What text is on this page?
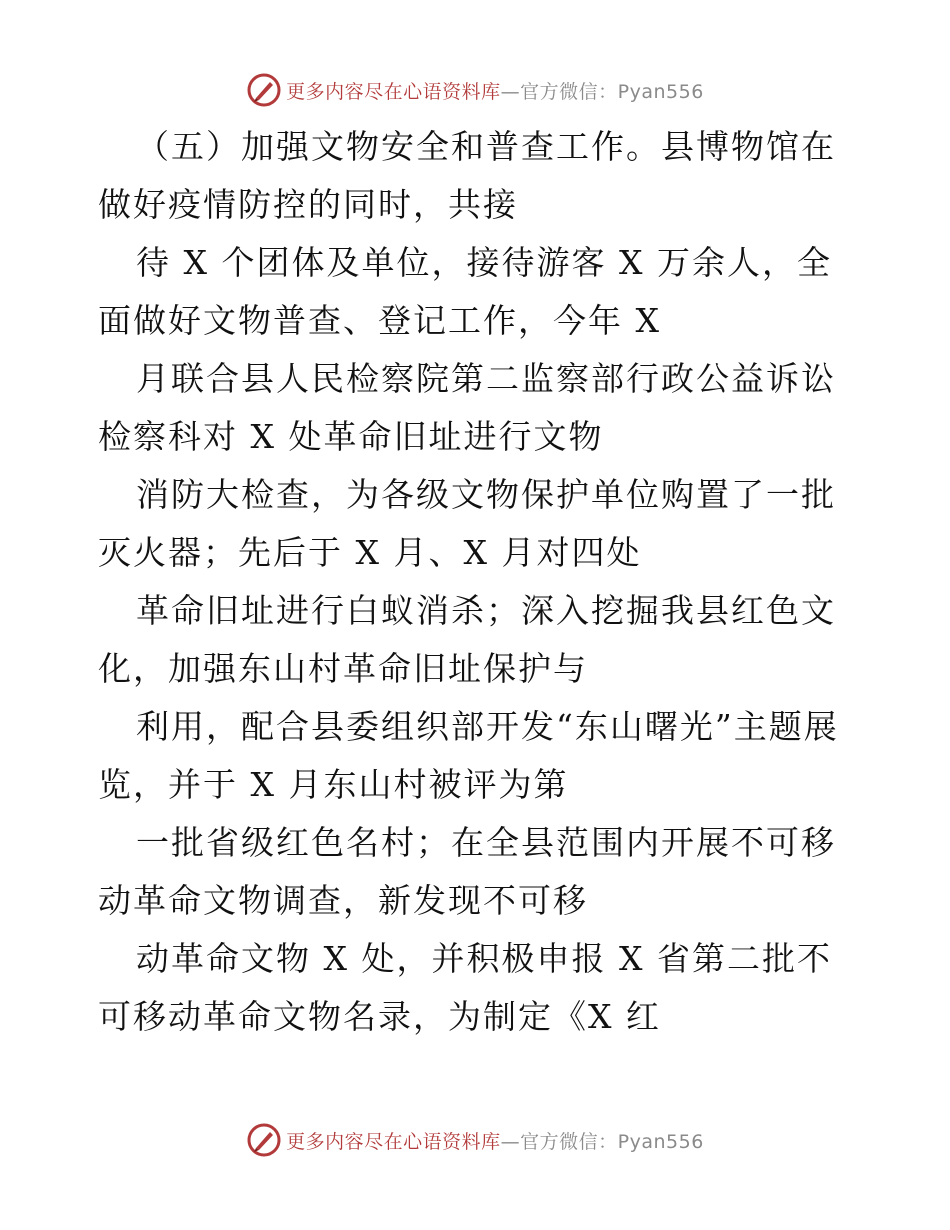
更多内容尽在心语资料库—官方微信：Pyan556

（五）加强文物安全和普查工作。县博物馆在做好疫情防控的同时，共接

待 X 个团体及单位，接待游客 X 万余人，全面做好文物普查、登记工作，今年 X

月联合县人民检察院第二监察部行政公益诉讼检察科对 X 处革命旧址进行文物

消防大检查，为各级文物保护单位购置了一批灭火器；先后于 X 月、X 月对四处

革命旧址进行白蚁消杀；深入挖掘我县红色文化，加强东山村革命旧址保护与

利用，配合县委组织部开发“东山曙光”主题展览，并于 X 月东山村被评为第

一批省级红色名村；在全县范围内开展不可移动革命文物调查，新发现不可移

动革命文物 X 处，并积极申报 X 省第二批不可移动革命文物名录，为制定《X 红

更多内容尽在心语资料库—官方微信：Pyan556
